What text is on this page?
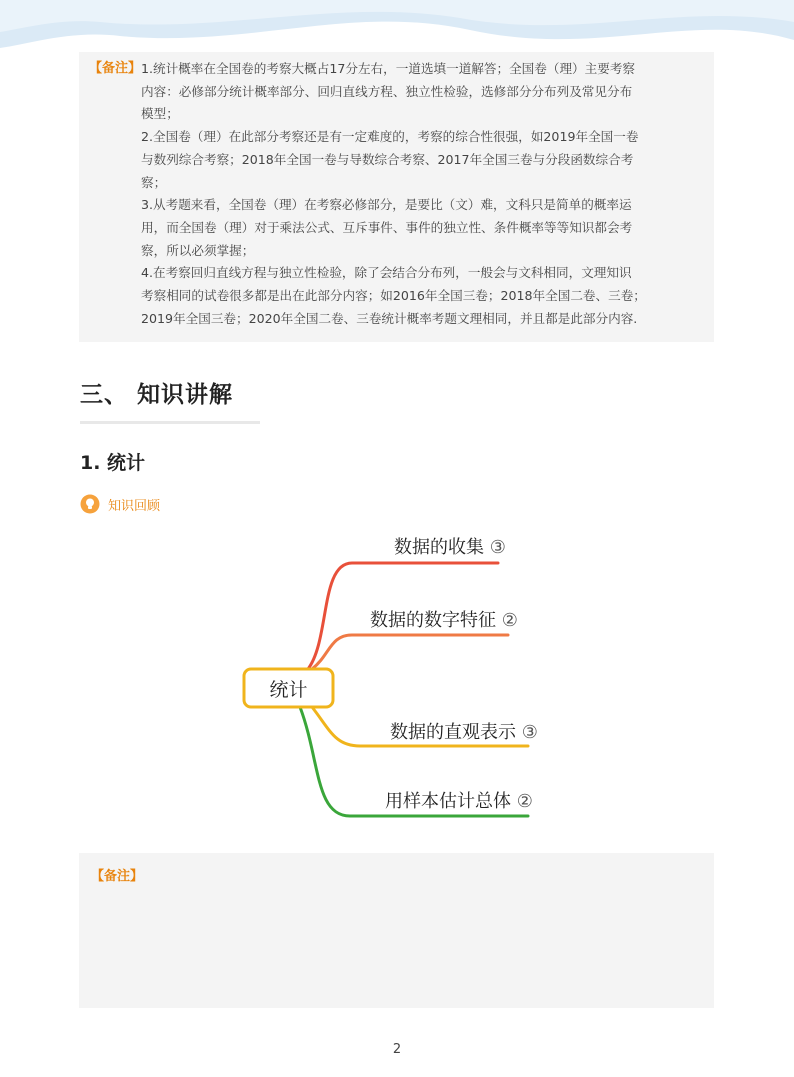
【备注】 1.统计概率在全国卷的考察大概占17分左右，一道选填一道解答；全国卷（理）主要考察
内容：必修部分统计概率部分、回归直线方程、独立性检验，选修部分分布列及常见分布
模型；
2.全国卷（理）在此部分考察还是有一定难度的，考察的综合性很强，如2019年全国一卷
与数列综合考察；2018年全国一卷与导数综合考察、2017年全国三卷与分段函数综合考
察；
3.从考题来看，全国卷（理）在考察必修部分，是要比（文）难，文科只是简单的概率运
用，而全国卷（理）对于乘法公式、互斥事件、事件的独立性、条件概率等等知识都会考
察，所以必须掌握；
4.在考察回归直线方程与独立性检验，除了会结合分布列，一般会与文科相同，文理知识
考察相同的试卷很多都是出在此部分内容；如2016年全国三卷；2018年全国二卷、三卷；
2019年全国三卷；2020年全国二卷、三卷统计概率考题文理相同，并且都是此部分内容.
三、 知识讲解
1. 统计
知识回顾
数据的收集 ③
数据的数字特征 ②
数据的直观表示 ③
用样本估计总体 ②
统计
【备注】
2
